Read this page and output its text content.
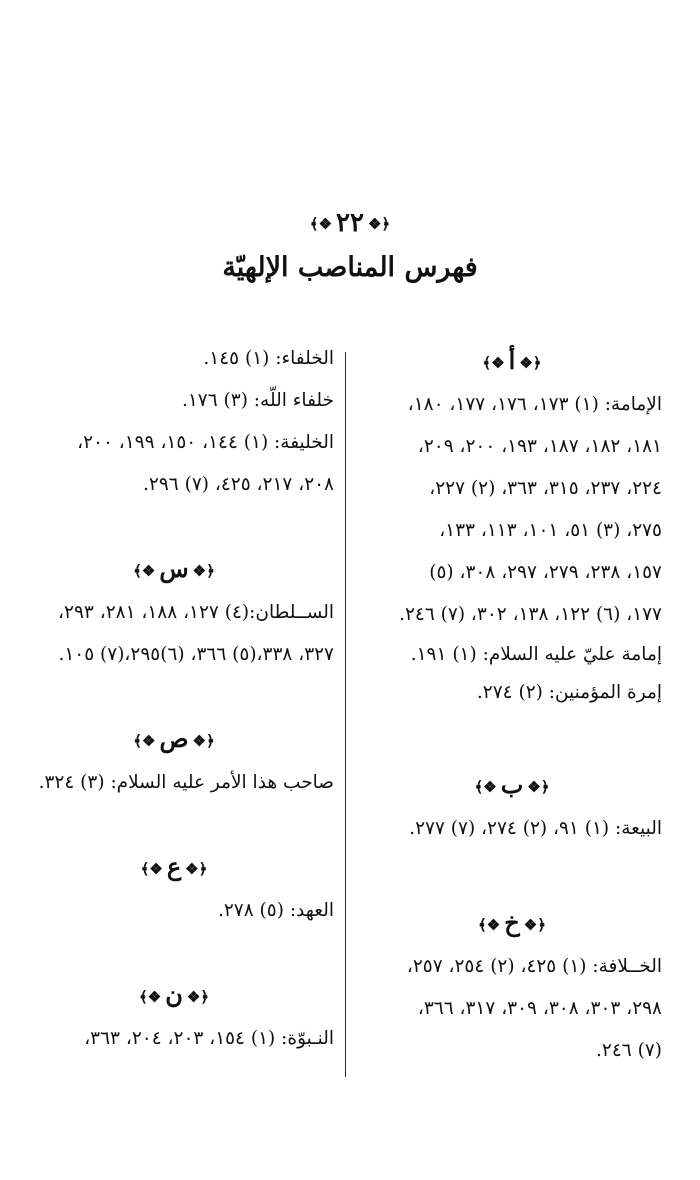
﴿❖٢٢❖﴾
فهرس المناصب الإلهيّة
﴿❖أ❖﴾
الإمامة: (١) ١٧٣، ١٧٦، ١٧٧، ١٨٠،
١٨١، ١٨٢، ١٨٧، ١٩٣، ٢٠٠، ٢٠٩،
٢٢٤، ٢٣٧، ٣١٥، ٣٦٣، (٢) ٢٢٧،
٢٧٥، (٣) ٥١، ١٠١، ١١٣، ١٣٣،
١٥٧، ٢٣٨، ٢٧٩، ٢٩٧، ٣٠٨، (٥)
١٧٧، (٦) ١٢٢، ١٣٨، ٣٠٢، (٧) ٢٤٦.
إمامة عليّ عليه السلام: (١) ١٩١.
إمرة المؤمنين: (٢) ٢٧٤.
﴿❖ب❖﴾
البيعة: (١) ٩١، (٢) ٢٧٤، (٧) ٢٧٧.
﴿❖خ❖﴾
الخــلافة: (١) ٤٢٥، (٢) ٢٥٤، ٢٥٧،
٢٩٨، ٣٠٣، ٣٠٨، ٣٠٩، ٣١٧، ٣٦٦،
(٧) ٢٤٦.
الخلفاء: (١) ١٤٥.
خلفاء اللّه: (٣) ١٧٦.
الخليفة: (١) ١٤٤، ١٥٠، ١٩٩، ٢٠٠،
٢٠٨، ٢١٧، ٤٢٥، (٧) ٢٩٦.
﴿❖س❖﴾
الســلطان:(٤) ١٢٧، ١٨٨، ٢٨١، ٢٩٣،
٣٢٧، ٣٣٨،(٥) ٣٦٦، (٦)٢٩٥،(٧) ١٠٥.
﴿❖ص❖﴾
صاحب هذا الأمر عليه السلام: (٣) ٣٢٤.
﴿❖ع❖﴾
العهد: (٥) ٢٧٨.
﴿❖ن❖﴾
النـبوّة: (١) ١٥٤، ٢٠٣، ٢٠٤، ٣٦٣،
